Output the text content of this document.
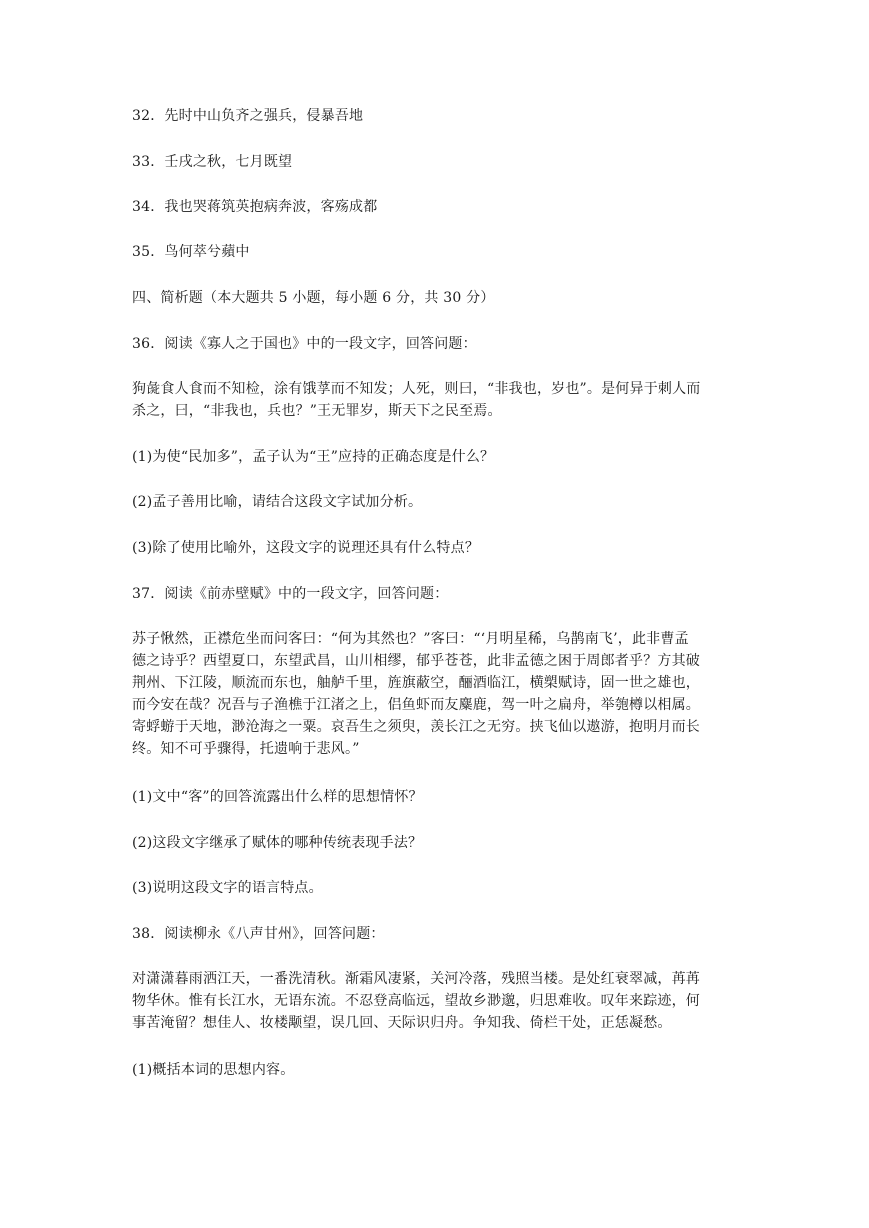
32．先时中山负齐之强兵，侵暴吾地
33．壬戌之秋，七月既望
34．我也哭蒋筑英抱病奔波，客殇成都
35．鸟何萃兮蘋中
四、简析题（本大题共 5 小题，每小题 6 分，共 30 分）
36．阅读《寡人之于国也》中的一段文字，回答问题：
狗彘食人食而不知检，涂有饿莩而不知发；人死，则曰，“非我也，岁也”。是何异于刺人而
杀之，曰，“非我也，兵也？”王无罪岁，斯天下之民至焉。
(1)为使“民加多”，孟子认为“王”应持的正确态度是什么？
(2)孟子善用比喻，请结合这段文字试加分析。
(3)除了使用比喻外，这段文字的说理还具有什么特点？
37．阅读《前赤壁赋》中的一段文字，回答问题：
苏子愀然，正襟危坐而问客曰：“何为其然也？”客曰：“‘月明星稀，乌鹊南飞’，此非曹孟
德之诗乎？西望夏口，东望武昌，山川相缪，郁乎苍苍，此非孟德之困于周郎者乎？方其破
荆州、下江陵，顺流而东也，舳舻千里，旌旗蔽空，酾酒临江，横槊赋诗，固一世之雄也，
而今安在哉？况吾与子渔樵于江渚之上，侣鱼虾而友麋鹿，驾一叶之扁舟，举匏樽以相属。
寄蜉蝣于天地，渺沧海之一粟。哀吾生之须臾，羡长江之无穷。挟飞仙以遨游，抱明月而长
终。知不可乎骤得，托遗响于悲风。”
(1)文中“客”的回答流露出什么样的思想情怀？
(2)这段文字继承了赋体的哪种传统表现手法？
(3)说明这段文字的语言特点。
38．阅读柳永《八声甘州》，回答问题：
对潇潇暮雨洒江天，一番洗清秋。渐霜风凄紧，关河冷落，残照当楼。是处红衰翠减，苒苒
物华休。惟有长江水，无语东流。不忍登高临远，望故乡渺邈，归思难收。叹年来踪迹，何
事苦淹留？想佳人、妆楼颙望，误几回、天际识归舟。争知我、倚栏干处，正恁凝愁。
(1)概括本词的思想内容。
